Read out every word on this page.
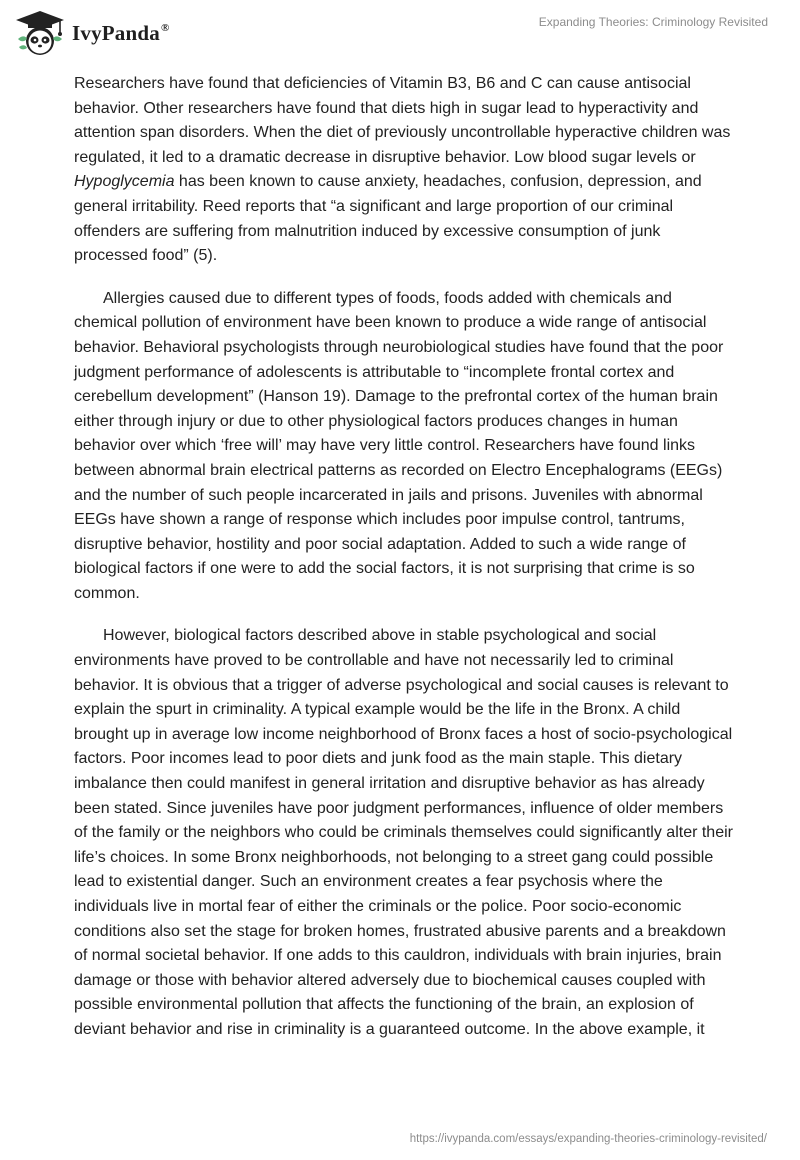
IvyPanda®	Expanding Theories: Criminology Revisited

Researchers have found that deficiencies of Vitamin B3, B6 and C can cause antisocial behavior. Other researchers have found that diets high in sugar lead to hyperactivity and attention span disorders. When the diet of previously uncontrollable hyperactive children was regulated, it led to a dramatic decrease in disruptive behavior. Low blood sugar levels or Hypoglycemia has been known to cause anxiety, headaches, confusion, depression, and general irritability. Reed reports that “a significant and large proportion of our criminal offenders are suffering from malnutrition induced by excessive consumption of junk processed food” (5).

Allergies caused due to different types of foods, foods added with chemicals and chemical pollution of environment have been known to produce a wide range of antisocial behavior. Behavioral psychologists through neurobiological studies have found that the poor judgment performance of adolescents is attributable to “incomplete frontal cortex and cerebellum development” (Hanson 19). Damage to the prefrontal cortex of the human brain either through injury or due to other physiological factors produces changes in human behavior over which ‘free will’ may have very little control. Researchers have found links between abnormal brain electrical patterns as recorded on Electro Encephalograms (EEGs) and the number of such people incarcerated in jails and prisons. Juveniles with abnormal EEGs have shown a range of response which includes poor impulse control, tantrums, disruptive behavior, hostility and poor social adaptation. Added to such a wide range of biological factors if one were to add the social factors, it is not surprising that crime is so common.

However, biological factors described above in stable psychological and social environments have proved to be controllable and have not necessarily led to criminal behavior. It is obvious that a trigger of adverse psychological and social causes is relevant to explain the spurt in criminality. A typical example would be the life in the Bronx. A child brought up in average low income neighborhood of Bronx faces a host of socio-psychological factors. Poor incomes lead to poor diets and junk food as the main staple. This dietary imbalance then could manifest in general irritation and disruptive behavior as has already been stated. Since juveniles have poor judgment performances, influence of older members of the family or the neighbors who could be criminals themselves could significantly alter their life’s choices. In some Bronx neighborhoods, not belonging to a street gang could possible lead to existential danger. Such an environment creates a fear psychosis where the individuals live in mortal fear of either the criminals or the police. Poor socio-economic conditions also set the stage for broken homes, frustrated abusive parents and a breakdown of normal societal behavior. If one adds to this cauldron, individuals with brain injuries, brain damage or those with behavior altered adversely due to biochemical causes coupled with possible environmental pollution that affects the functioning of the brain, an explosion of deviant behavior and rise in criminality is a guaranteed outcome. In the above example, it

https://ivypanda.com/essays/expanding-theories-criminology-revisited/
